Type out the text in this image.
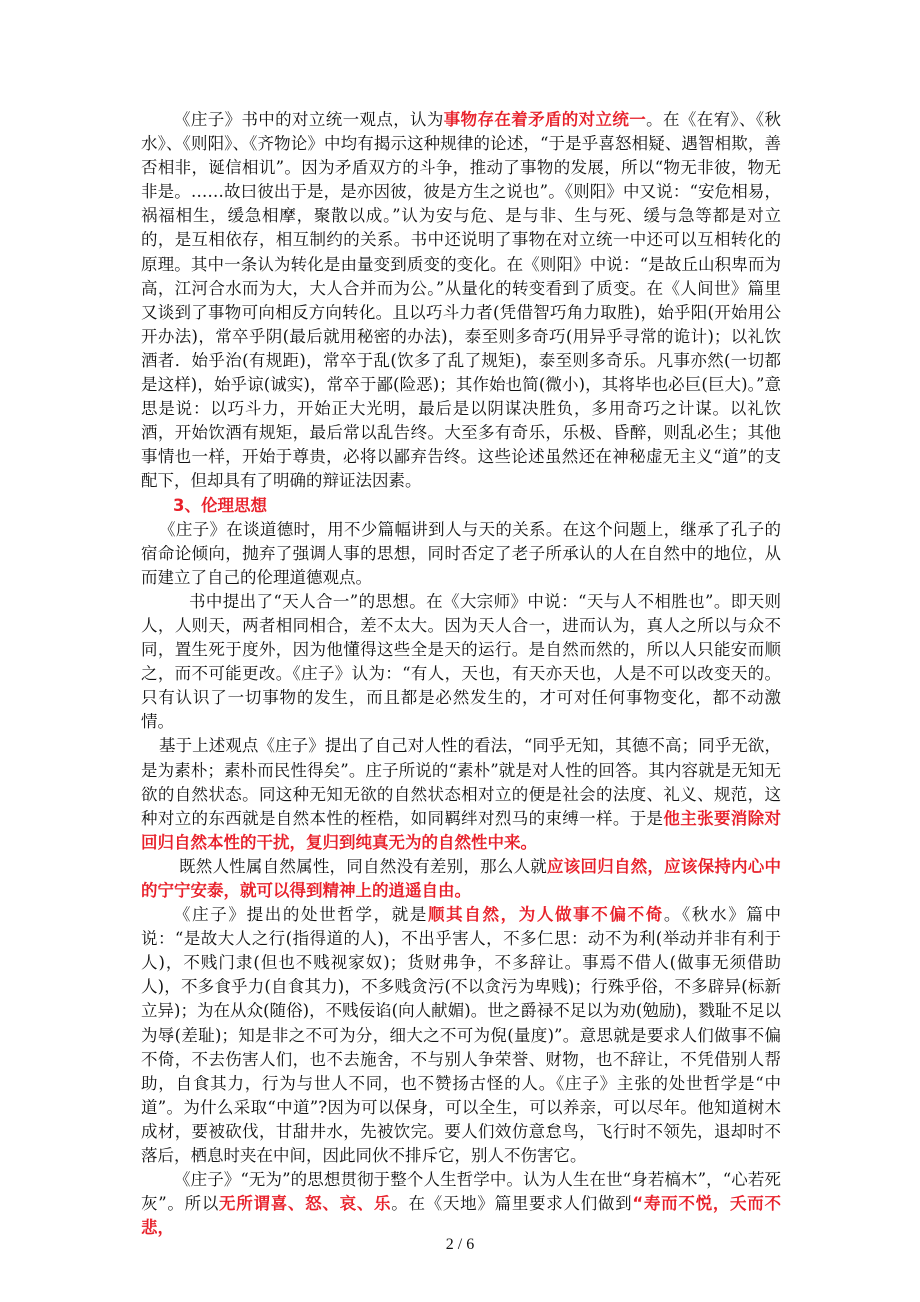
《庄子》书中的对立统一观点，认为事物存在着矛盾的对立统一。在《在宥》、《秋水》、《则阳》、《齐物论》中均有揭示这种规律的论述，“于是乎喜怒相疑、遇智相欺，善否相非，诞信相讥”。因为矛盾双方的斗争，推动了事物的发展，所以“物无非彼，物无非是。……故曰彼出于是，是亦因彼，彼是方生之说也”。《则阳》中又说：“安危相易，祸福相生，缓急相摩，聚散以成。”认为安与危、是与非、生与死、缓与急等都是对立的，是互相依存，相互制约的关系。书中还说明了事物在对立统一中还可以互相转化的原理。其中一条认为转化是由量变到质变的变化。在《则阳》中说：“是故丘山积卑而为高，江河合水而为大，大人合并而为公。”从量化的转变看到了质变。在《人间世》篇里又谈到了事物可向相反方向转化。且以巧斗力者(凭借智巧角力取胜)，始乎阳(开始用公开办法)，常卒乎阴(最后就用秘密的办法)，泰至则多奇巧(用异乎寻常的诡计)；以礼饮酒者．始乎治(有规距)，常卒于乱(饮多了乱了规矩)，泰至则多奇乐。凡事亦然(一切都是这样)，始乎谅(诚实)，常卒于鄙(险恶)；其作始也简(微小)，其将毕也必巨(巨大)。”意思是说：以巧斗力，开始正大光明，最后是以阴谋决胜负，多用奇巧之计谋。以礼饮酒，开始饮酒有规矩，最后常以乱告终。大至多有奇乐，乐极、昏醉，则乱必生；其他事情也一样，开始于尊贵，必将以鄙弃告终。这些论述虽然还在神秘虚无主义“道”的支配下，但却具有了明确的辩证法因素。

3、伦理思想

《庄子》在谈道德时，用不少篇幅讲到人与天的关系。在这个问题上，继承了孔子的宿命论倾向，抛弃了强调人事的思想，同时否定了老子所承认的人在自然中的地位，从而建立了自己的伦理道德观点。

书中提出了“天人合一”的思想。在《大宗师》中说：“天与人不相胜也”。即天则人，人则天，两者相同相合，差不太大。因为天人合一，进而认为，真人之所以与众不同，置生死于度外，因为他懂得这些全是天的运行。是自然而然的，所以人只能安而顺之，而不可能更改。《庄子》认为：“有人，天也，有天亦天也，人是不可以改变天的。只有认识了一切事物的发生，而且都是必然发生的，才可对任何事物变化，都不动激情。

基于上述观点《庄子》提出了自己对人性的看法，“同乎无知，其德不高；同乎无欲，是为素朴；素朴而民性得矣”。庄子所说的“素朴”就是对人性的回答。其内容就是无知无欲的自然状态。同这种无知无欲的自然状态相对立的便是社会的法度、礼义、规范，这种对立的东西就是自然本性的桎梏，如同羁绊对烈马的束缚一样。于是他主张要消除对回归自然本性的干扰，复归到纯真无为的自然性中来。

既然人性属自然属性，同自然没有差别，那么人就应该回归自然，应该保持内心中的宁宁安泰，就可以得到精神上的逍遥自由。

《庄子》提出的处世哲学，就是顺其自然，为人做事不偏不倚。《秋水》篇中说：“是故大人之行(指得道的人)，不出乎害人，不多仁思：动不为利(举动并非有利于人)，不贱门隶(但也不贱视家奴)；货财弗争，不多辞让。事焉不借人(做事无须借助人)，不多食乎力(自食其力)，不多贱贪污(不以贪污为卑贱)；行殊乎俗，不多辟异(标新立异)；为在从众(随俗)，不贱佞谄(向人献媚)。世之爵禄不足以为劝(勉励)，戮耻不足以为辱(差耻)；知是非之不可为分，细大之不可为倪(量度)”。意思就是要求人们做事不偏不倚，不去伤害人们，也不去施舍，不与别人争荣誉、财物，也不辞让，不凭借别人帮助，自食其力，行为与世人不同，也不赞扬古怪的人。《庄子》主张的处世哲学是“中道”。为什么采取“中道”?因为可以保身，可以全生，可以养亲，可以尽年。他知道树木成材，要被砍伐，甘甜井水，先被饮完。要人们效仿意怠鸟，飞行时不领先，退却时不落后，栖息时夹在中间，因此同伙不排斥它，别人不伤害它。

《庄子》“无为”的思想贯彻于整个人生哲学中。认为人生在世“身若槁木”，“心若死灰”。所以无所谓喜、怒、哀、乐。在《天地》篇里要求人们做到“寿而不悦，夭而不悲，

2 / 6
